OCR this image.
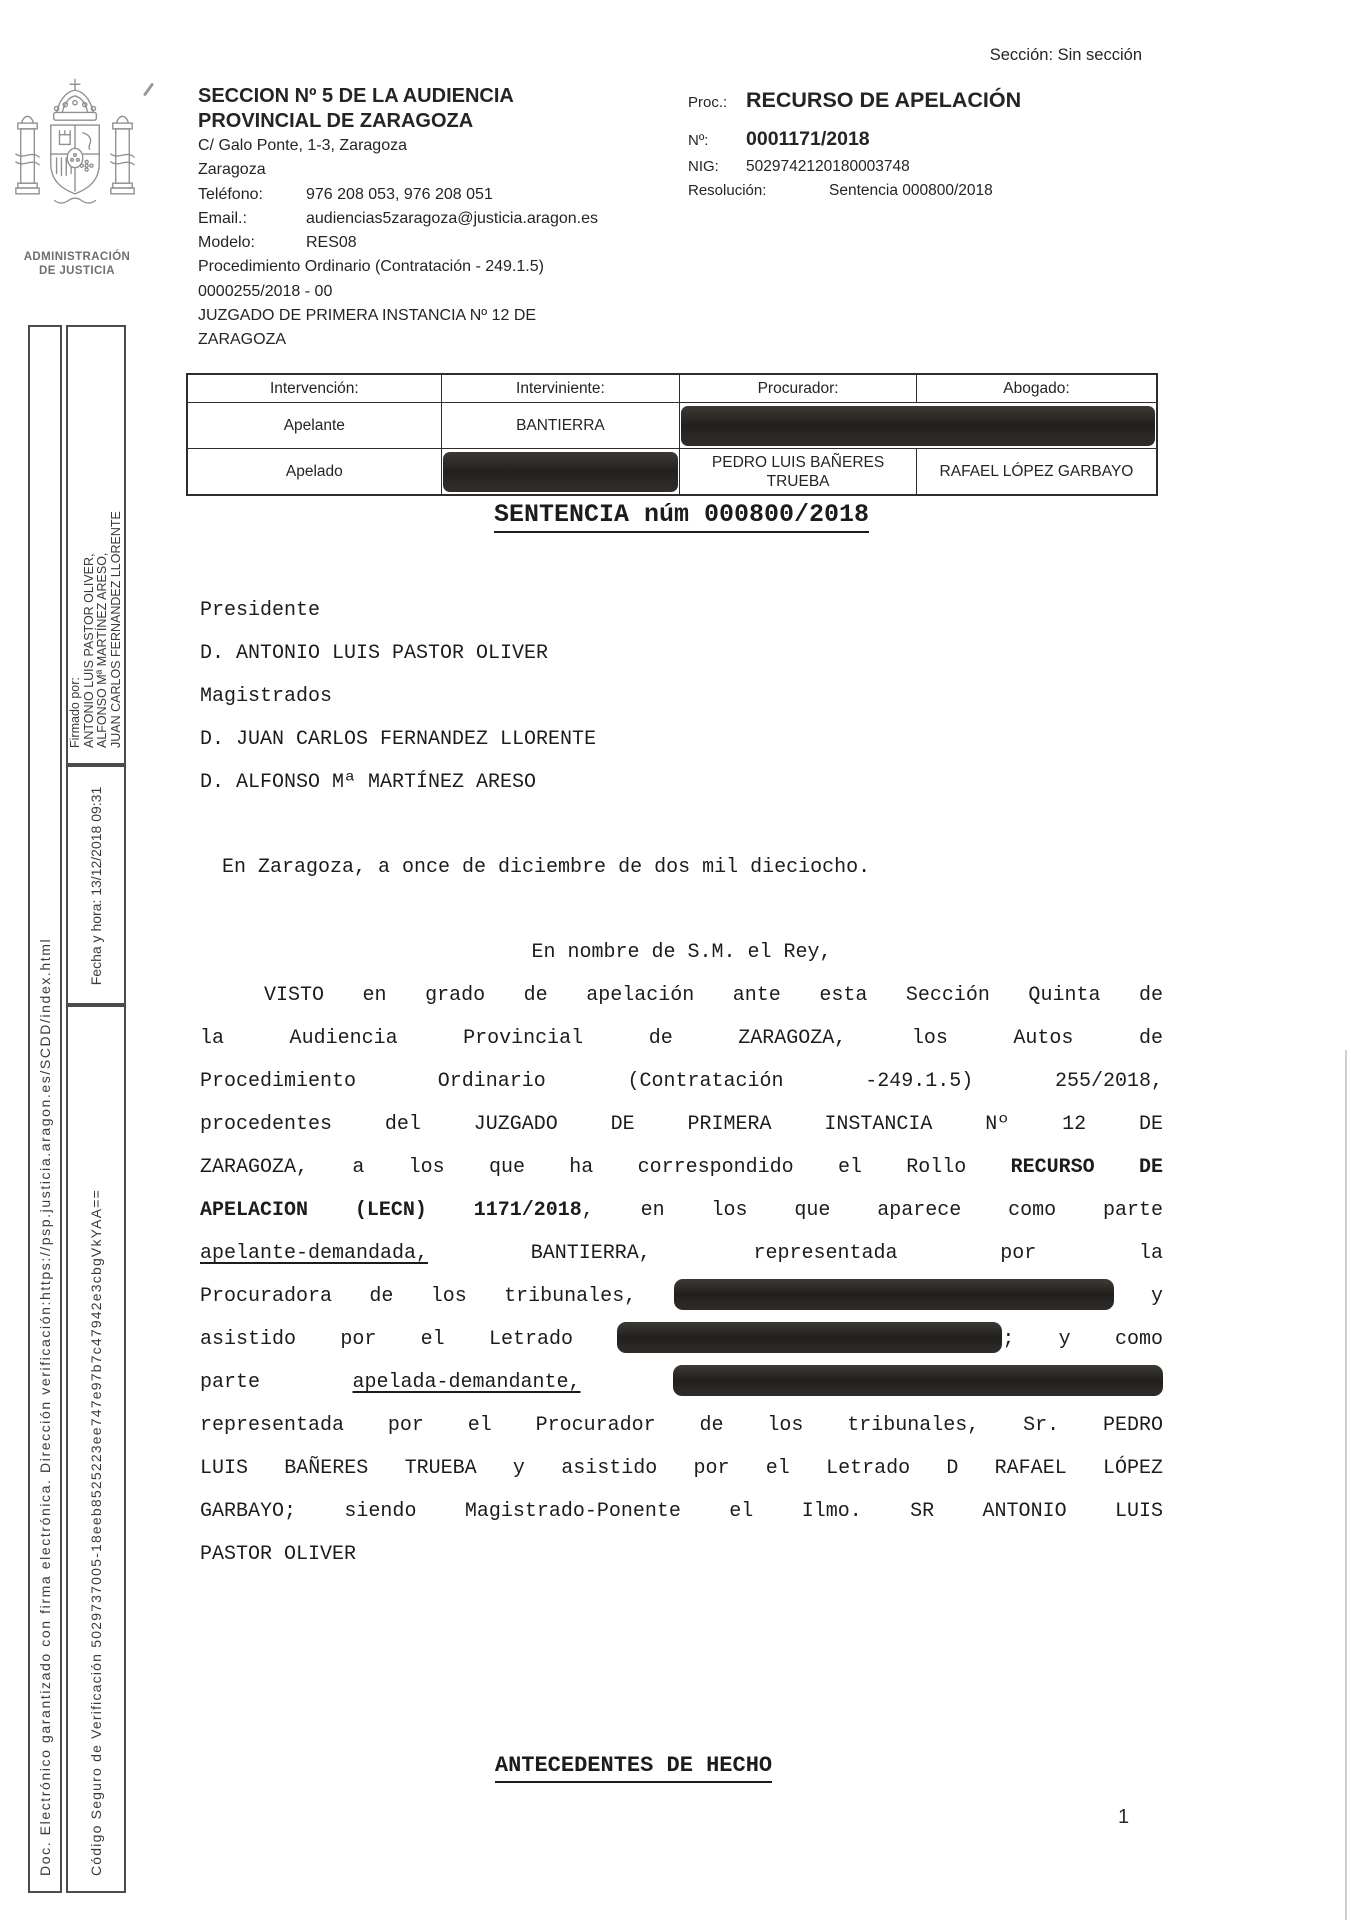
ADMINISTRACIÓN
DE JUSTICIA
Doc. Electrónico garantizado con firma electrónica. Dirección verificación:https://psp.justicia.aragon.es/SCDD/index.html
Firmado por: ANTONIO LUIS PASTOR OLIVER, ALFONSO Mª MARTÍNEZ ARESO, JUAN CARLOS FERNANDEZ LLORENTE
Fecha y hora: 13/12/2018 09:31
Código Seguro de Verificación 5029737005-18eeb8525223ee747e97b7c47942e3cbgVkYAA==
SECCION Nº 5 DE LA AUDIENCIA
PROVINCIAL DE ZARAGOZA
C/ Galo Ponte, 1-3, Zaragoza
Zaragoza
Teléfono:	976 208 053, 976 208 051
Email.:	audiencias5zaragoza@justicia.aragon.es
Modelo:	RES08
Procedimiento Ordinario (Contratación - 249.1.5)
0000255/2018 - 00
JUZGADO DE PRIMERA INSTANCIA Nº 12 DE
ZARAGOZA
Sección: Sin sección
Proc.: RECURSO DE APELACIÓN
Nº:	0001171/2018
NIG:	5029742120180003748
Resolución:	Sentencia 000800/2018
Intervención:	Interviniente:	Procurador:	Abogado:
Apelante	BANTIERRA		

Apelado		PEDRO LUIS BAÑERES TRUEBA	RAFAEL LÓPEZ GARBAYO
SENTENCIA núm 000800/2018
Presidente
D. ANTONIO LUIS PASTOR OLIVER
Magistrados
D. JUAN CARLOS FERNANDEZ LLORENTE
D. ALFONSO Mª MARTÍNEZ ARESO
En Zaragoza, a once de diciembre de dos mil dieciocho.
En nombre de S.M. el Rey,
VISTO en grado de apelación ante esta Sección Quinta de
la Audiencia Provincial de ZARAGOZA, los Autos de
Procedimiento Ordinario (Contratación -249.1.5) 255/2018,
procedentes del JUZGADO DE PRIMERA INSTANCIA Nº 12 DE
ZARAGOZA, a los que ha correspondido el Rollo RECURSO DE
APELACION (LECN) 1171/2018, en los que aparece como parte
apelante-demandada,	BANTIERRA, representada por la
Procuradora de los tribunales,	y
asistido por el Letrado	; y como
parte	apelada-demandante,
representada por el Procurador de los tribunales, Sr. PEDRO
LUIS BAÑERES TRUEBA y asistido por el Letrado D RAFAEL LÓPEZ
GARBAYO; siendo Magistrado-Ponente el Ilmo. SR ANTONIO LUIS
PASTOR OLIVER
ANTECEDENTES DE HECHO
1
